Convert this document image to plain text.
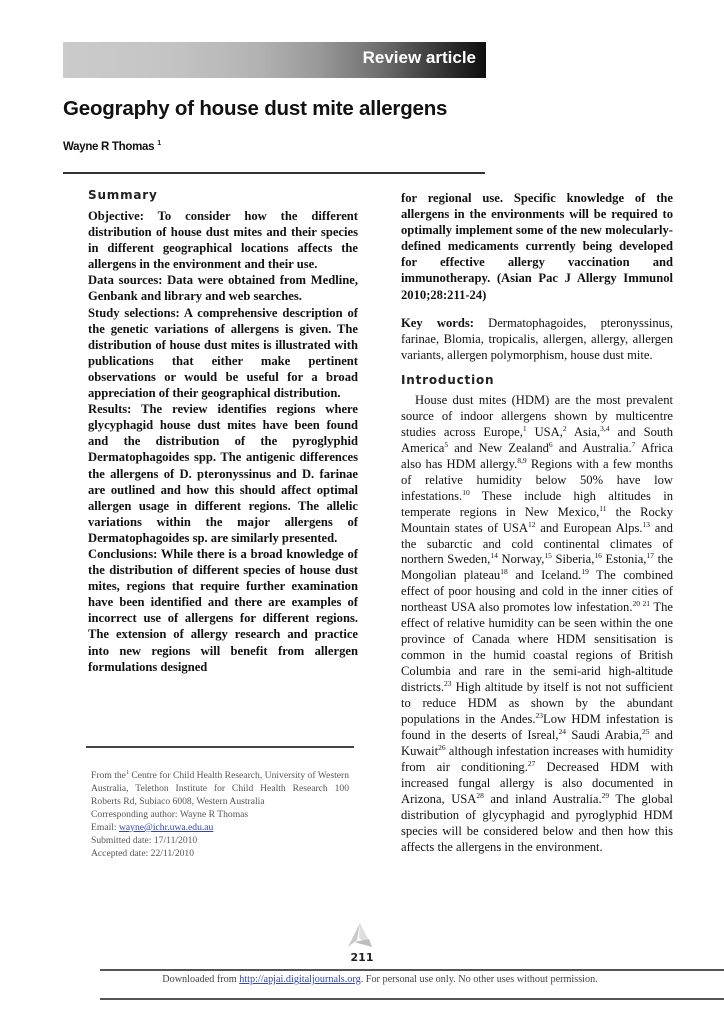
Review article
Geography of house dust mite allergens
Wayne R Thomas $^1$
Summary

Objective: To consider how the different distribution of house dust mites and their species in different geographical locations affects the allergens in the environment and their use.

Data sources: Data were obtained from Medline, Genbank and library and web searches.

Study selections: A comprehensive description of the genetic variations of allergens is given. The distribution of house dust mites is illustrated with publications that either make pertinent observations or would be useful for a broad appreciation of their geographical distribution.

Results: The review identifies regions where glycyphagid house dust mites have been found and the distribution of the pyroglyphid Dermatophagoides spp. The antigenic differences the allergens of D. pteronyssinus and D. farinae are outlined and how this should affect optimal allergen usage in different regions. The allelic variations within the major allergens of Dermatophagoides sp. are similarly presented.

Conclusions: While there is a broad knowledge of the distribution of different species of house dust mites, regions that require further examination have been identified and there are examples of incorrect use of allergens for different regions. The extension of allergy research and practice into new regions will benefit from allergen formulations designed

From the$^1$ Centre for Child Health Research, University of Western Australia, Telethon Institute for Child Health Research 100 Roberts Rd, Subiaco 6008, Western Australia

Corresponding author: Wayne R Thomas

Email: wayne@ichr.uwa.edu.au

Submitted date: 17/11/2010

Accepted date: 22/11/2010

for regional use. Specific knowledge of the allergens in the environments will be required to optimally implement some of the new molecularly-defined medicaments currently being developed for effective allergy vaccination and immunotherapy. (Asian Pac J Allergy Immunol 2010;28:211-24)

Key words: Dermatophagoides, pteronyssinus, farinae, Blomia, tropicalis, allergen, allergy, allergen variants, allergen polymorphism, house dust mite.

Introduction

House dust mites (HDM) are the most prevalent source of indoor allergens shown by multicentre studies across Europe,$^1$ USA,$^2$ Asia,$^{3,4}$ and South America$^5$ and New Zealand$^6$ and Australia.$^7$ Africa also has HDM allergy.$^{8,9}$ Regions with a few months of relative humidity below 50% have low infestations.$^{10}$ These include high altitudes in temperate regions in New Mexico,$^{11}$ the Rocky Mountain states of USA$^{12}$ and European Alps.$^{13}$ and the subarctic and cold continental climates of northern Sweden,$^{14}$ Norway,$^{15}$ Siberia,$^{16}$ Estonia,$^{17}$ the Mongolian plateau$^{18}$ and Iceland.$^{19}$ The combined effect of poor housing and cold in the inner cities of northeast USA also promotes low infestation.$^{20 21}$ The effect of relative humidity can be seen within the one province of Canada where HDM sensitisation is common in the humid coastal regions of British Columbia and rare in the semi-arid high-altitude districts.$^{23}$ High altitude by itself is not not sufficient to reduce HDM as shown by the abundant populations in the Andes.$^{23}$Low HDM infestation is found in the deserts of Isreal,$^{24}$ Saudi Arabia,$^{25}$ and Kuwait$^{26}$ although infestation increases with humidity from air conditioning.$^{27}$ Decreased HDM with increased fungal allergy is also documented in Arizona, USA$^{28}$ and inland Australia.$^{29}$ The global distribution of glycyphagid and pyroglyphid HDM species will be considered below and then how this affects the allergens in the environment.

211
Downloaded from http://apjai.digitaljournals.org. For personal use only. No other uses without permission.
